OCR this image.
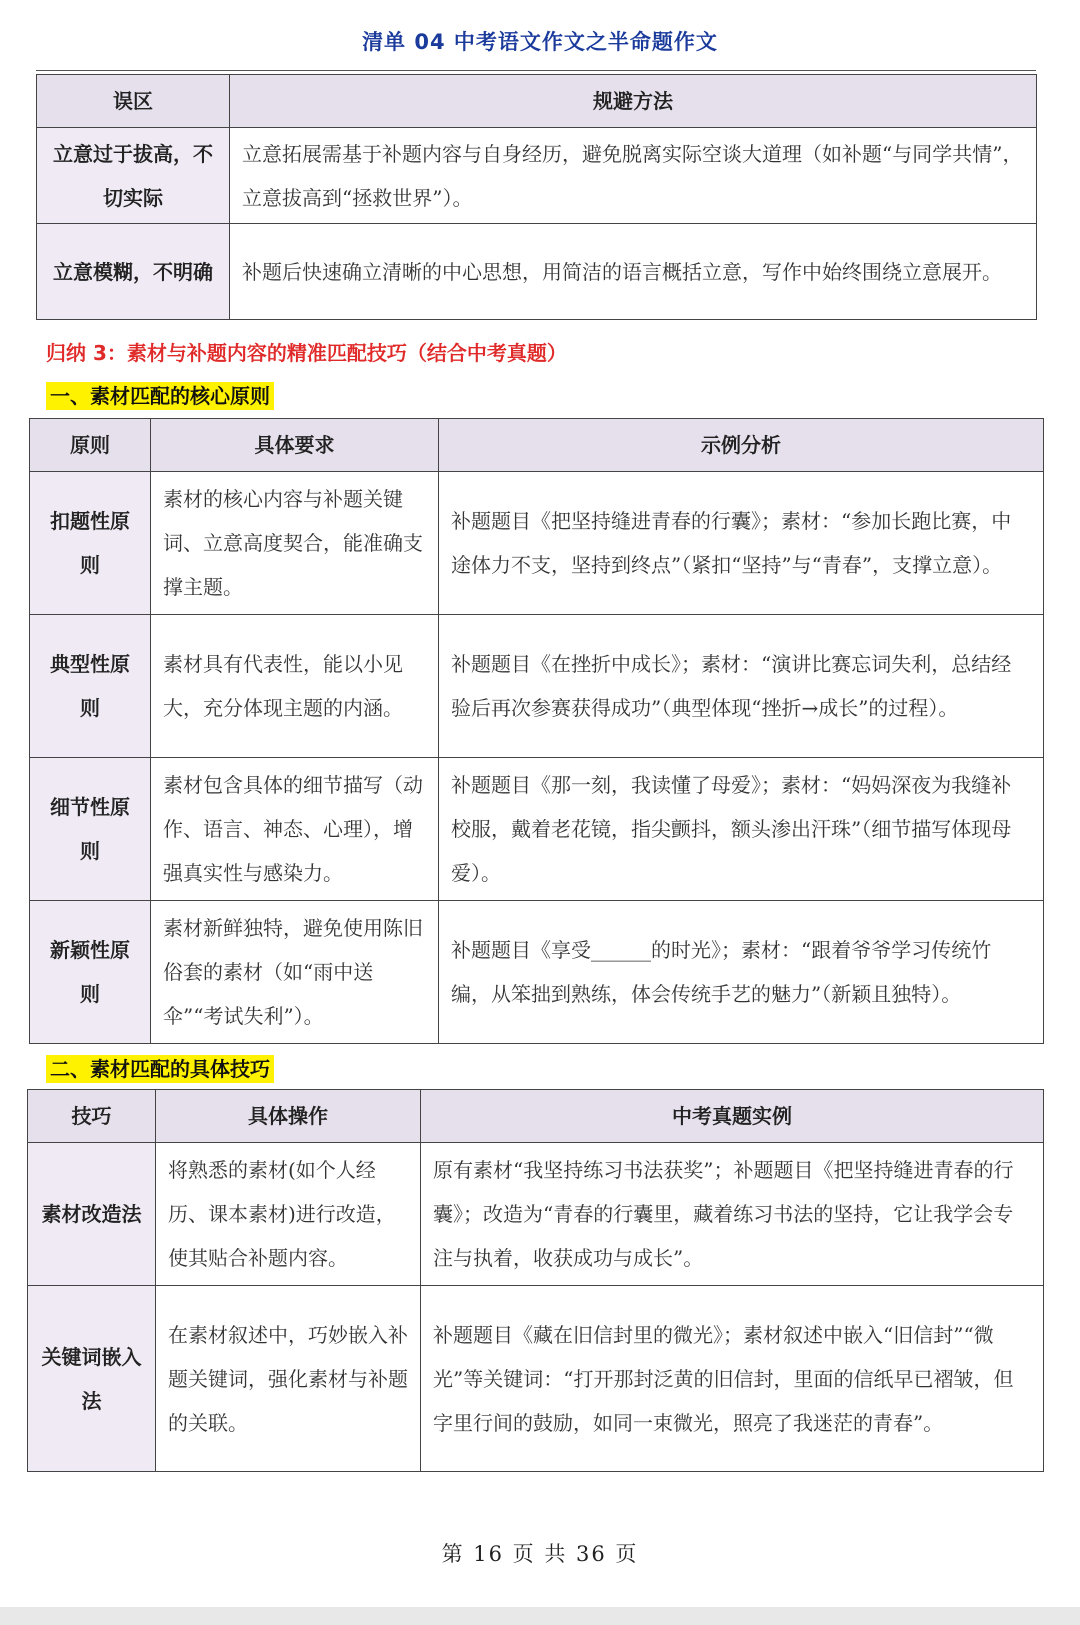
清单 04 中考语文作文之半命题作文
误区	规避方法
立意过于拔高，不切实际	立意拓展需基于补题内容与自身经历，避免脱离实际空谈大道理（如补题“与同学共情”，立意拔高到“拯救世界”）。
立意模糊，不明确	补题后快速确立清晰的中心思想，用简洁的语言概括立意，写作中始终围绕立意展开。
归纳 3：素材与补题内容的精准匹配技巧（结合中考真题）
一、素材匹配的核心原则
原则	具体要求	示例分析
扣题性原则	素材的核心内容与补题关键词、立意高度契合，能准确支撑主题。	补题题目《把坚持缝进青春的行囊》；素材：“参加长跑比赛，中途体力不支，坚持到终点”（紧扣“坚持”与“青春”，支撑立意）。
典型性原则	素材具有代表性，能以小见大，充分体现主题的内涵。	补题题目《在挫折中成长》；素材：“演讲比赛忘词失利，总结经验后再次参赛获得成功”（典型体现“挫折→成长”的过程）。
细节性原则	素材包含具体的细节描写（动作、语言、神态、心理），增强真实性与感染力。	补题题目《那一刻，我读懂了母爱》；素材：“妈妈深夜为我缝补校服，戴着老花镜，指尖颤抖，额头渗出汗珠”（细节描写体现母爱）。
新颖性原则	素材新鲜独特，避免使用陈旧俗套的素材（如“雨中送伞”“考试失利”）。	补题题目《享受______的时光》；素材：“跟着爷爷学习传统竹编，从笨拙到熟练，体会传统手艺的魅力”（新颖且独特）。
二、素材匹配的具体技巧
技巧	具体操作	中考真题实例
素材改造法	将熟悉的素材(如个人经历、课本素材)进行改造，使其贴合补题内容。	原有素材“我坚持练习书法获奖”；补题题目《把坚持缝进青春的行囊》；改造为“青春的行囊里，藏着练习书法的坚持，它让我学会专注与执着，收获成功与成长”。
关键词嵌入法	在素材叙述中，巧妙嵌入补题关键词，强化素材与补题的关联。	补题题目《藏在旧信封里的微光》；素材叙述中嵌入“旧信封”“微光”等关键词：“打开那封泛黄的旧信封，里面的信纸早已褶皱，但字里行间的鼓励，如同一束微光，照亮了我迷茫的青春”。
第 16 页 共 36 页
